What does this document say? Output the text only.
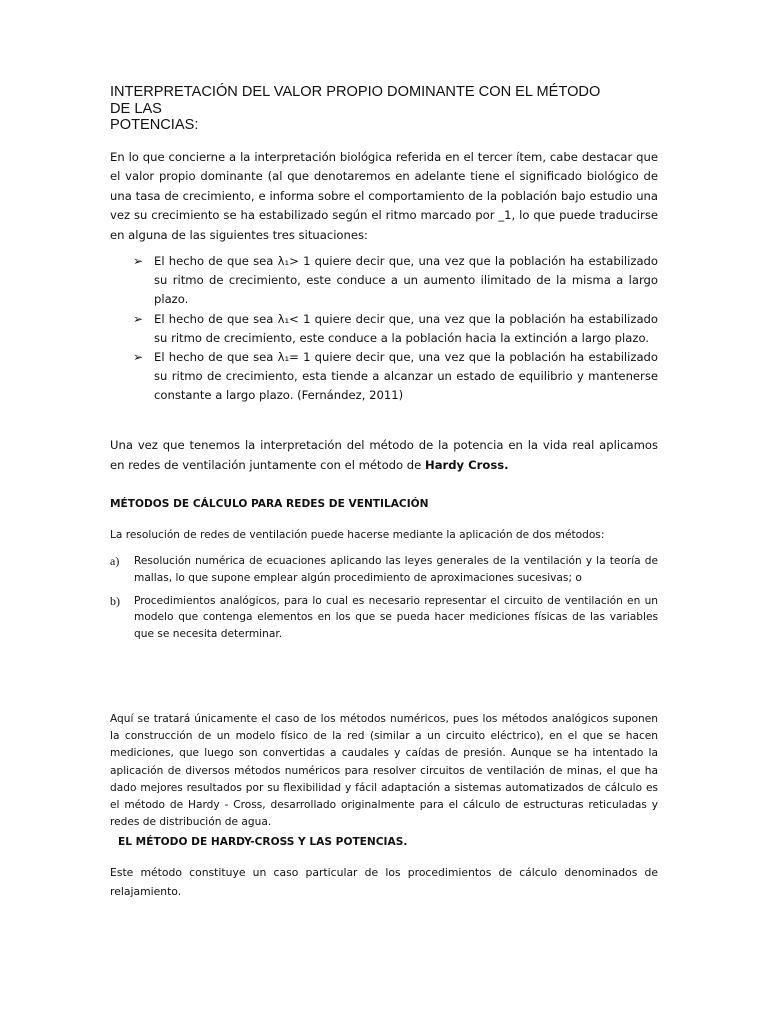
INTERPRETACIÓN DEL VALOR PROPIO DOMINANTE CON EL MÉTODO
DE LAS
POTENCIAS:

En lo que concierne a la interpretación biológica referida en el tercer ítem, cabe destacar que el valor propio dominante (al que denotaremos en adelante tiene el significado biológico de una tasa de crecimiento, e informa sobre el comportamiento de la población bajo estudio una vez su crecimiento se ha estabilizado según el ritmo marcado por _1, lo que puede traducirse en alguna de las siguientes tres situaciones:

➢ El hecho de que sea λ₁> 1 quiere decir que, una vez que la población ha estabilizado su ritmo de crecimiento, este conduce a un aumento ilimitado de la misma a largo plazo.
➢ El hecho de que sea λ₁< 1 quiere decir que, una vez que la población ha estabilizado su ritmo de crecimiento, este conduce a la población hacia la extinción a largo plazo.
➢ El hecho de que sea λ₁= 1 quiere decir que, una vez que la población ha estabilizado su ritmo de crecimiento, esta tiende a alcanzar un estado de equilibrio y mantenerse constante a largo plazo. (Fernández, 2011)

Una vez que tenemos la interpretación del método de la potencia en la vida real aplicamos en redes de ventilación juntamente con el método de Hardy Cross.

MÉTODOS DE CÁLCULO PARA REDES DE VENTILACIÓN

La resolución de redes de ventilación puede hacerse mediante la aplicación de dos métodos:

a) Resolución numérica de ecuaciones aplicando las leyes generales de la ventilación y la teoría de mallas, lo que supone emplear algún procedimiento de aproximaciones sucesivas; o
b) Procedimientos analógicos, para lo cual es necesario representar el circuito de ventilación en un modelo que contenga elementos en los que se pueda hacer mediciones físicas de las variables que se necesita determinar.

Aquí se tratará únicamente el caso de los métodos numéricos, pues los métodos analógicos suponen la construcción de un modelo físico de la red (similar a un circuito eléctrico), en el que se hacen mediciones, que luego son convertidas a caudales y caídas de presión. Aunque se ha intentado la aplicación de diversos métodos numéricos para resolver circuitos de ventilación de minas, el que ha dado mejores resultados por su flexibilidad y fácil adaptación a sistemas automatizados de cálculo es el método de Hardy - Cross, desarrollado originalmente para el cálculo de estructuras reticuladas y redes de distribución de agua.

EL MÉTODO DE HARDY-CROSS Y LAS POTENCIAS.

Este método constituye un caso particular de los procedimientos de cálculo denominados de relajamiento.
